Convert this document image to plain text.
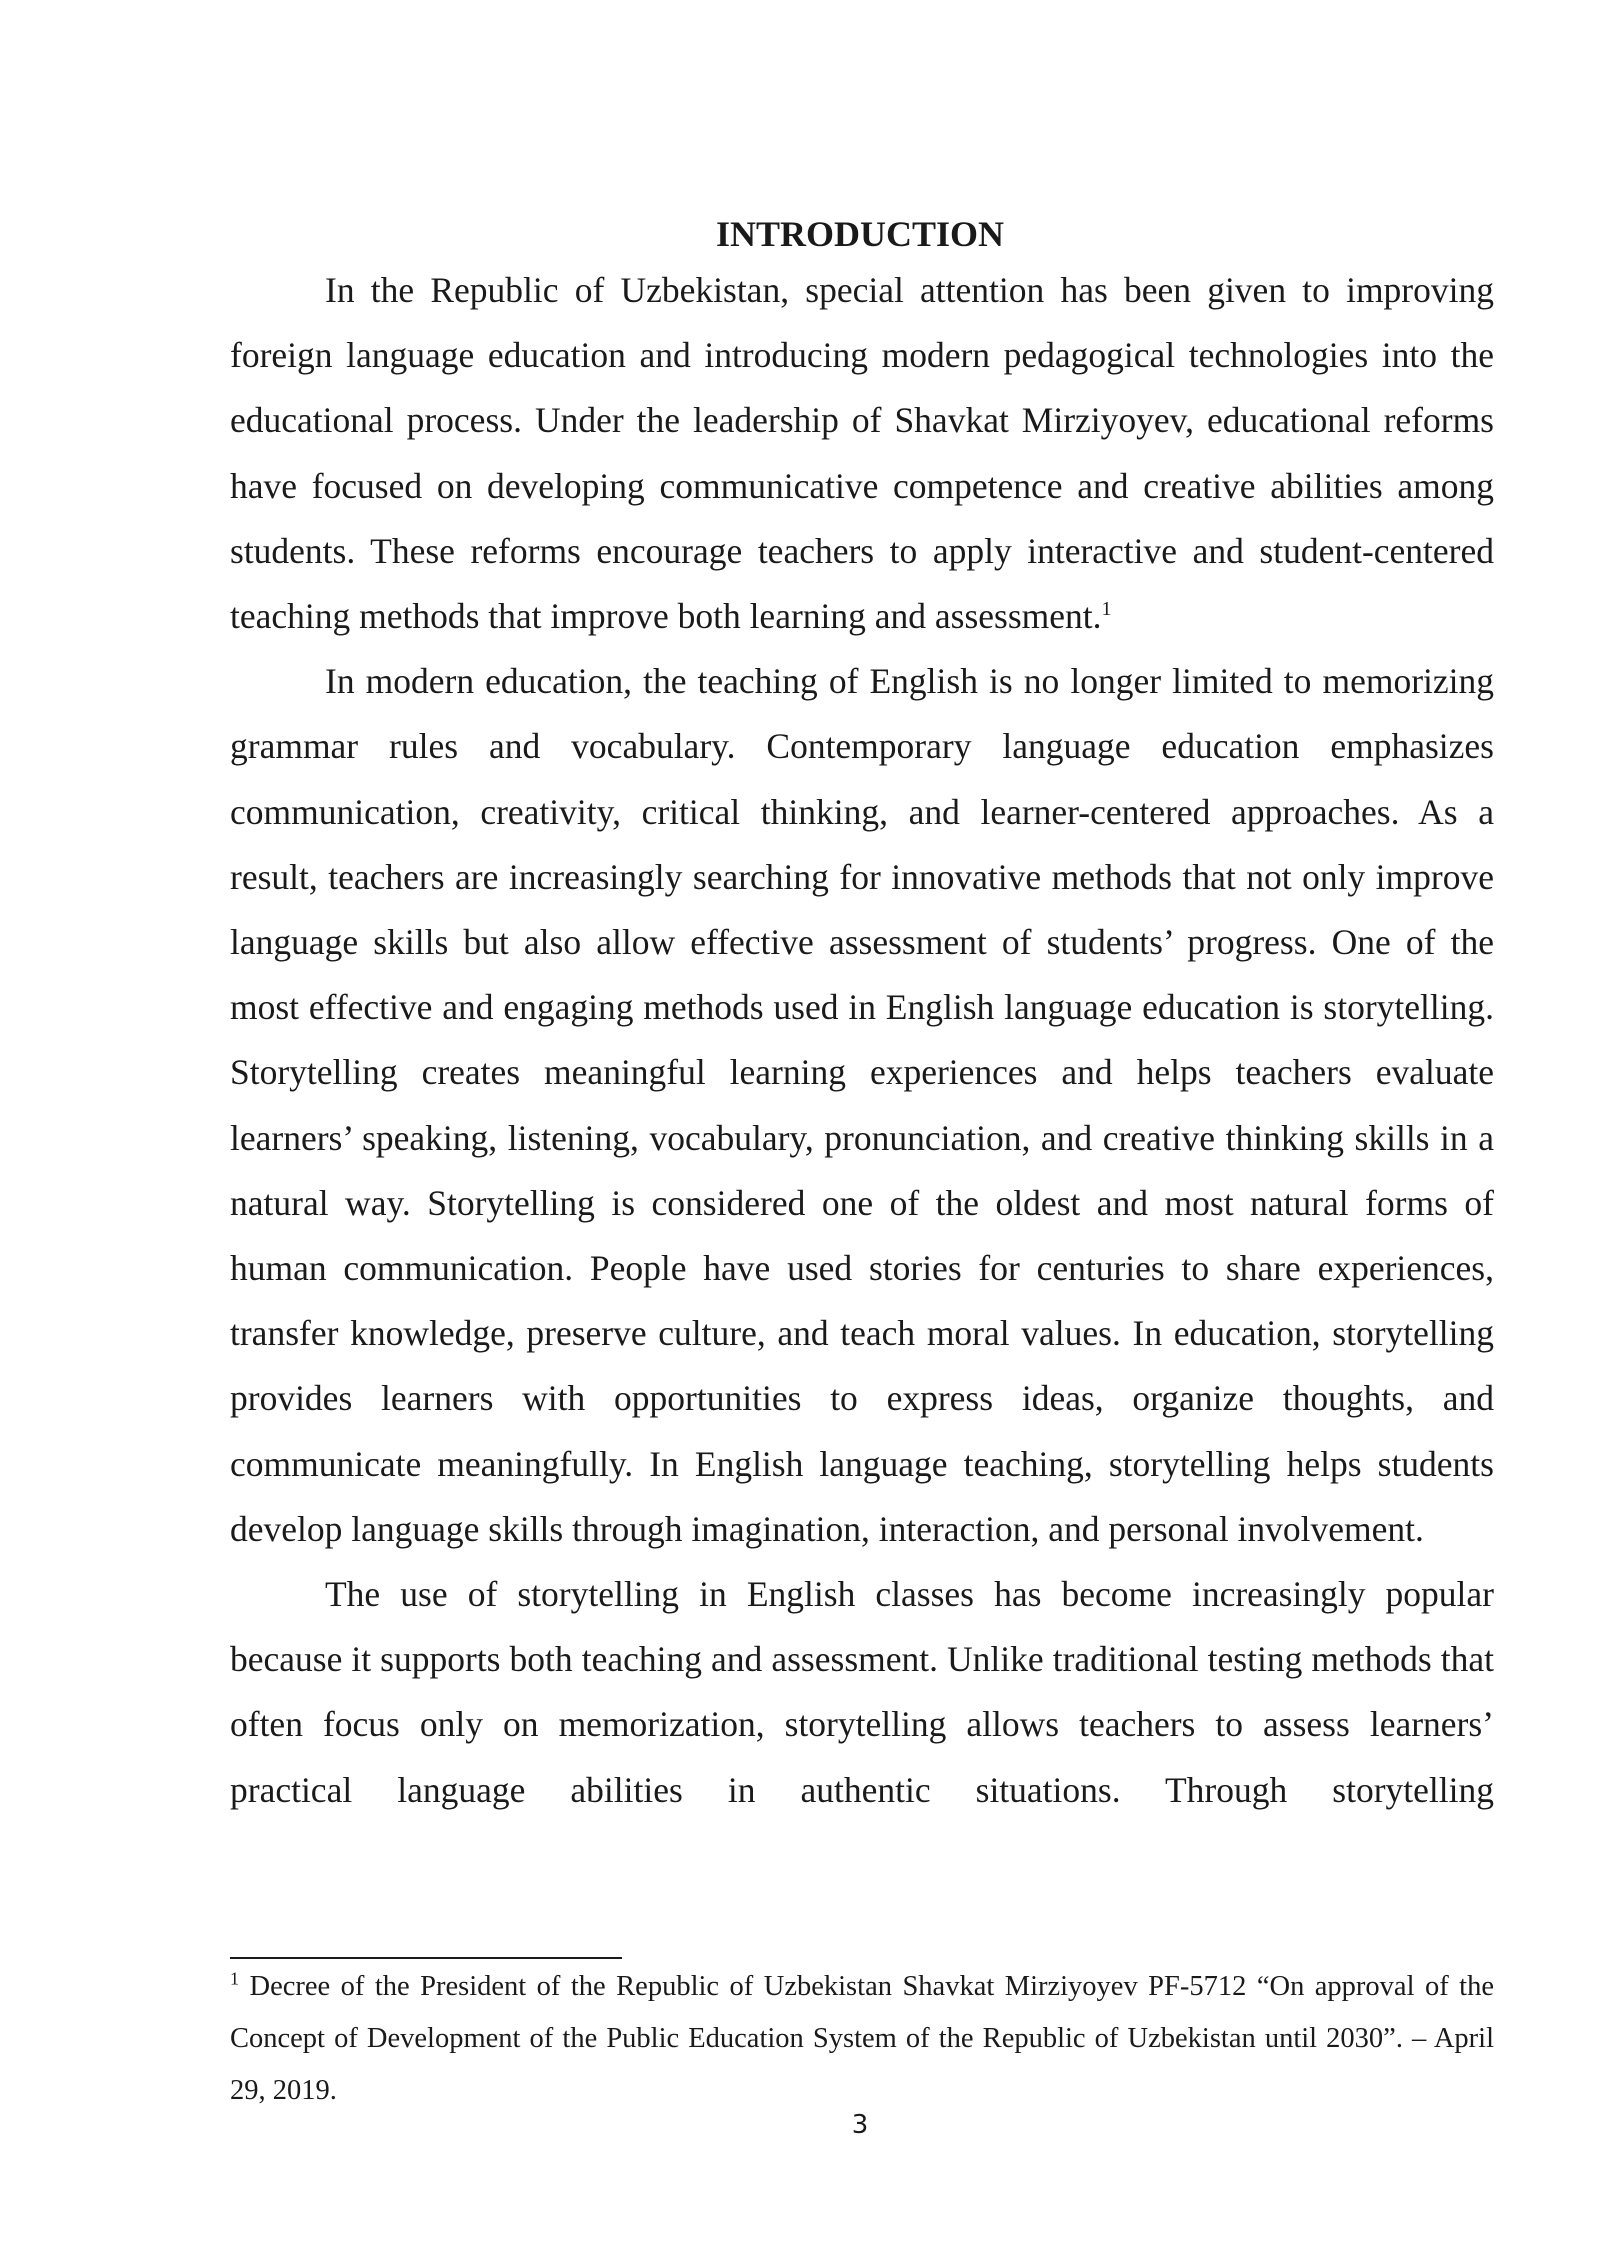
INTRODUCTION

In the Republic of Uzbekistan, special attention has been given to improving foreign language education and introducing modern pedagogical technologies into the educational process. Under the leadership of Shavkat Mirziyoyev, educational reforms have focused on developing communicative competence and creative abilities among students. These reforms encourage teachers to apply interactive and student-centered teaching methods that improve both learning and assessment.$^1$

In modern education, the teaching of English is no longer limited to memorizing grammar rules and vocabulary. Contemporary language education emphasizes communication, creativity, critical thinking, and learner-centered approaches. As a result, teachers are increasingly searching for innovative methods that not only improve language skills but also allow effective assessment of students’ progress. One of the most effective and engaging methods used in English language education is storytelling. Storytelling creates meaningful learning experiences and helps teachers evaluate learners’ speaking, listening, vocabulary, pronunciation, and creative thinking skills in a natural way. Storytelling is considered one of the oldest and most natural forms of human communication. People have used stories for centuries to share experiences, transfer knowledge, preserve culture, and teach moral values. In education, storytelling provides learners with opportunities to express ideas, organize thoughts, and communicate meaningfully. In English language teaching, storytelling helps students develop language skills through imagination, interaction, and personal involvement.

The use of storytelling in English classes has become increasingly popular because it supports both teaching and assessment. Unlike traditional testing methods that often focus only on memorization, storytelling allows teachers to assess learners’ practical language abilities in authentic situations. Through storytelling

$^1$ Decree of the President of the Republic of Uzbekistan Shavkat Mirziyoyev PF-5712 “On approval of the Concept of Development of the Public Education System of the Republic of Uzbekistan until 2030”. – April 29, 2019.

3
